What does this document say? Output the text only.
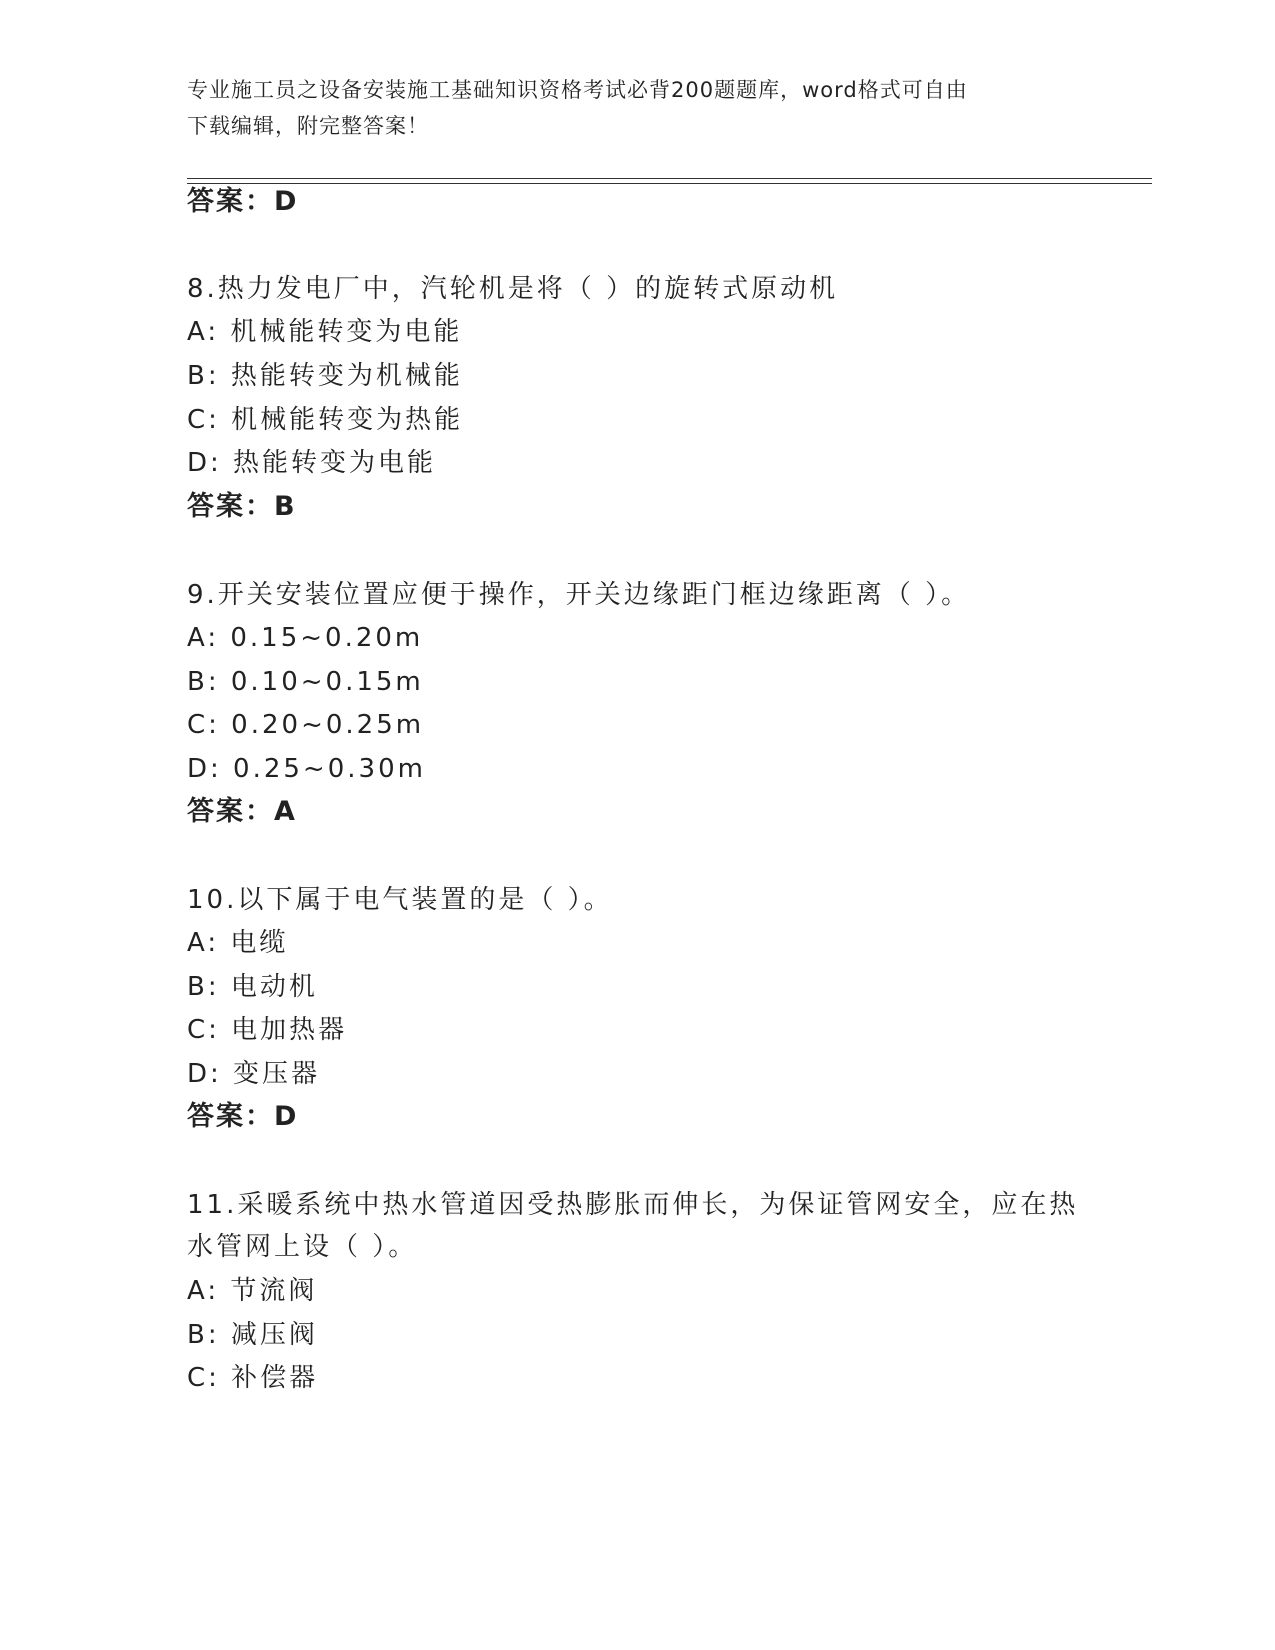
专业施工员之设备安装施工基础知识资格考试必背200题题库，word格式可自由
下载编辑，附完整答案！
答案：D
8.热力发电厂中，汽轮机是将（ ）的旋转式原动机
A: 机械能转变为电能
B: 热能转变为机械能
C: 机械能转变为热能
D: 热能转变为电能
答案：B
9.开关安装位置应便于操作，开关边缘距门框边缘距离（ ）。
A: 0.15~0.20m
B: 0.10~0.15m
C: 0.20~0.25m
D: 0.25~0.30m
答案：A
10.以下属于电气装置的是（ ）。
A: 电缆
B: 电动机
C: 电加热器
D: 变压器
答案：D
11.采暖系统中热水管道因受热膨胀而伸长，为保证管网安全，应在热
水管网上设（ ）。
A: 节流阀
B: 减压阀
C: 补偿器
